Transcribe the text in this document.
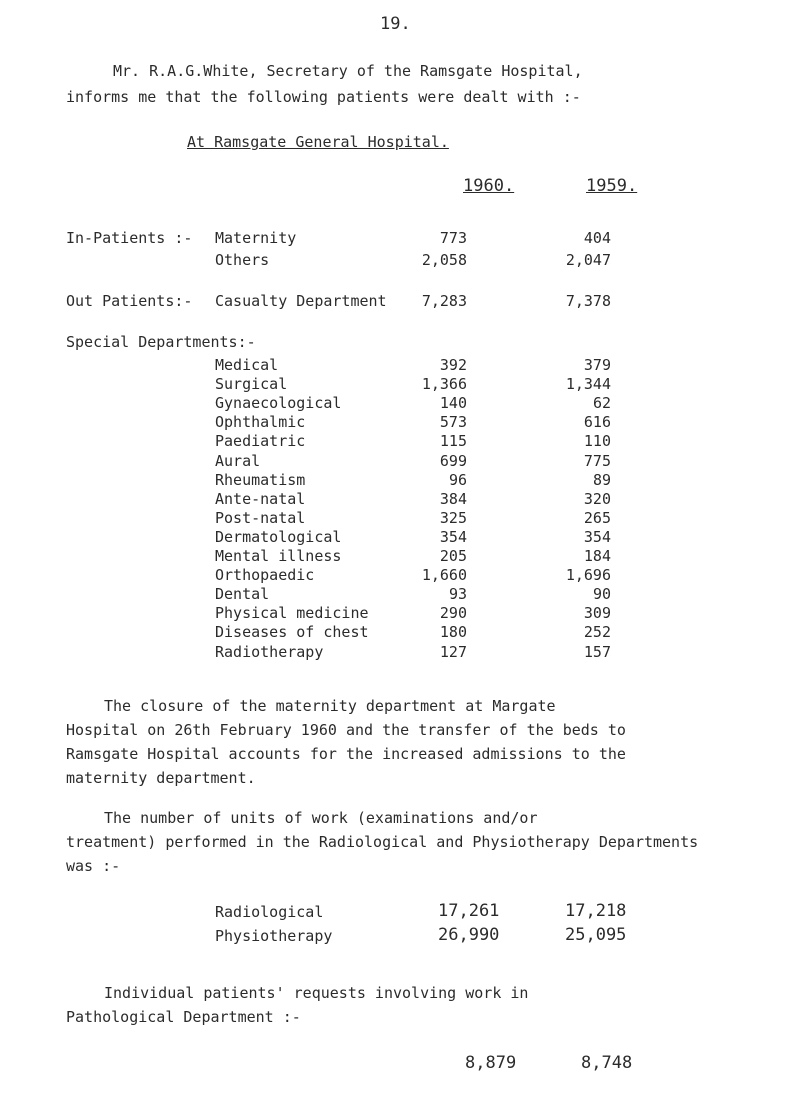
19.
Mr. R.A.G.White, Secretary of the Ramsgate Hospital,
informs me that the following patients were dealt with :-
At Ramsgate General Hospital.
1960.	1959.
In-Patients :- Maternity	773	404
Others	2,058	2,047
Out Patients:- Casualty Department 7,283	7,378
Special Departments:-
Medical	392	379
Surgical	1,366	1,344
Gynaecological	140	62
Ophthalmic	573	616
Paediatric	115	110
Aural	699	775
Rheumatism	96	89
Ante-natal	384	320
Post-natal	325	265
Dermatological	354	354
Mental illness	205	184
Orthopaedic	1,660	1,696
Dental	93	90
Physical medicine	290	309
Diseases of chest	180	252
Radiotherapy	127	157
The closure of the maternity department at Margate
Hospital on 26th February 1960 and the transfer of the beds to
Ramsgate Hospital accounts for the increased admissions to the
maternity department.
The number of units of work (examinations and/or
treatment) performed in the Radiological and Physiotherapy Departments
was :-
Radiological	17,261	17,218
Physiotherapy	26,990	25,095
Individual patients' requests involving work in
Pathological Department :-
8,879	8,748
